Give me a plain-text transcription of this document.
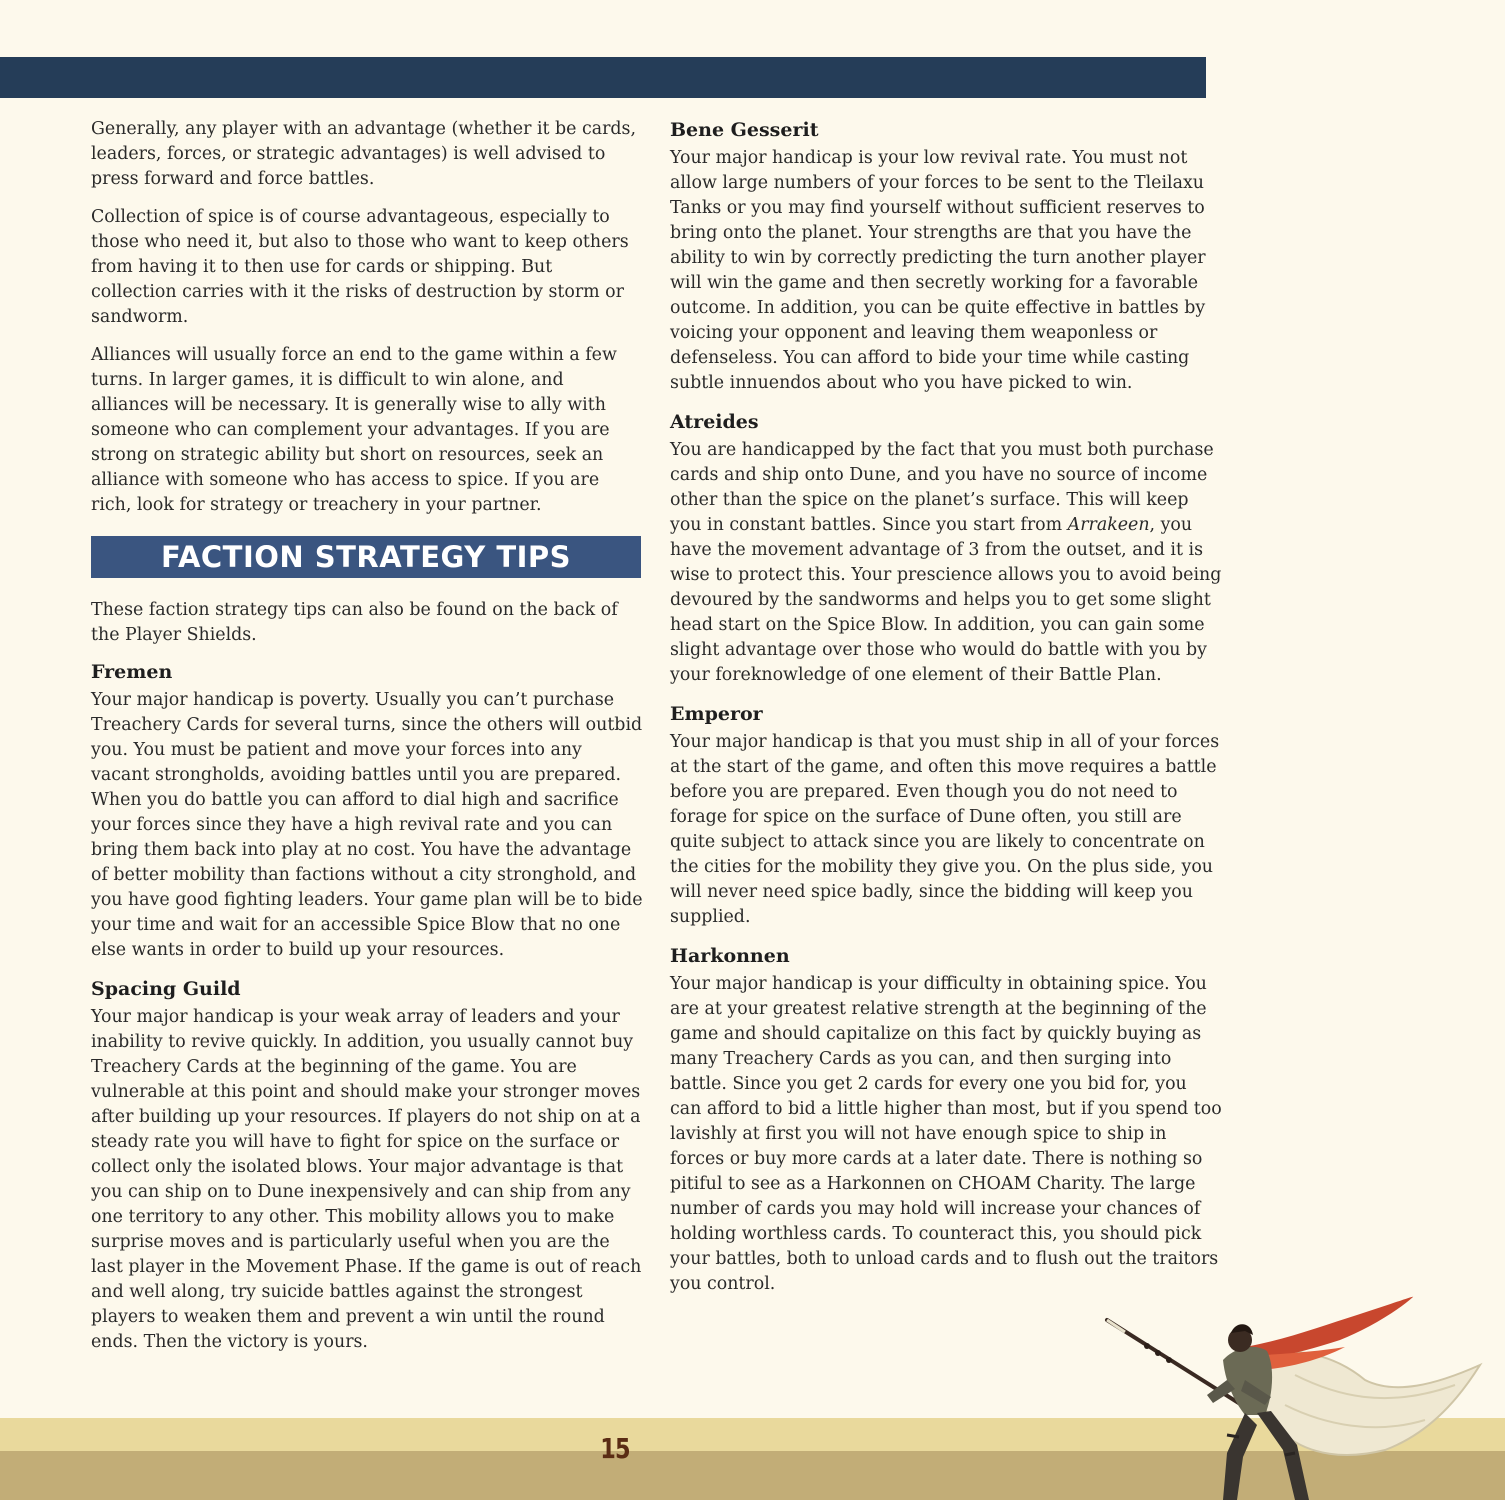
Generally, any player with an advantage (whether it be cards, leaders, forces, or strategic advantages) is well advised to press forward and force battles.

Collection of spice is of course advantageous, especially to those who need it, but also to those who want to keep others from having it to then use for cards or shipping. But collection carries with it the risks of destruction by storm or sandworm.

Alliances will usually force an end to the game within a few turns. In larger games, it is difficult to win alone, and alliances will be necessary. It is generally wise to ally with someone who can complement your advantages. If you are strong on strategic ability but short on resources, seek an alliance with someone who has access to spice. If you are rich, look for strategy or treachery in your partner.

FACTION STRATEGY TIPS

These faction strategy tips can also be found on the back of the Player Shields.

Fremen

Your major handicap is poverty. Usually you can’t purchase Treachery Cards for several turns, since the others will outbid you. You must be patient and move your forces into any vacant strongholds, avoiding battles until you are prepared. When you do battle you can afford to dial high and sacrifice your forces since they have a high revival rate and you can bring them back into play at no cost. You have the advantage of better mobility than factions without a city stronghold, and you have good fighting leaders. Your game plan will be to bide your time and wait for an accessible Spice Blow that no one else wants in order to build up your resources.

Spacing Guild

Your major handicap is your weak array of leaders and your inability to revive quickly. In addition, you usually cannot buy Treachery Cards at the beginning of the game. You are vulnerable at this point and should make your stronger moves after building up your resources. If players do not ship on at a steady rate you will have to fight for spice on the surface or collect only the isolated blows. Your major advantage is that you can ship on to Dune inexpensively and can ship from any one territory to any other. This mobility allows you to make surprise moves and is particularly useful when you are the last player in the Movement Phase. If the game is out of reach and well along, try suicide battles against the strongest players to weaken them and prevent a win until the round ends. Then the victory is yours.

Bene Gesserit

Your major handicap is your low revival rate. You must not allow large numbers of your forces to be sent to the Tleilaxu Tanks or you may find yourself without sufficient reserves to bring onto the planet. Your strengths are that you have the ability to win by correctly predicting the turn another player will win the game and then secretly working for a favorable outcome. In addition, you can be quite effective in battles by voicing your opponent and leaving them weaponless or defenseless. You can afford to bide your time while casting subtle innuendos about who you have picked to win.

Atreides

You are handicapped by the fact that you must both purchase cards and ship onto Dune, and you have no source of income other than the spice on the planet’s surface. This will keep you in constant battles. Since you start from Arrakeen, you have the movement advantage of 3 from the outset, and it is wise to protect this. Your prescience allows you to avoid being devoured by the sandworms and helps you to get some slight head start on the Spice Blow. In addition, you can gain some slight advantage over those who would do battle with you by your foreknowledge of one element of their Battle Plan.

Emperor

Your major handicap is that you must ship in all of your forces at the start of the game, and often this move requires a battle before you are prepared. Even though you do not need to forage for spice on the surface of Dune often, you still are quite subject to attack since you are likely to concentrate on the cities for the mobility they give you. On the plus side, you will never need spice badly, since the bidding will keep you supplied.

Harkonnen

Your major handicap is your difficulty in obtaining spice. You are at your greatest relative strength at the beginning of the game and should capitalize on this fact by quickly buying as many Treachery Cards as you can, and then surging into battle. Since you get 2 cards for every one you bid for, you can afford to bid a little higher than most, but if you spend too lavishly at first you will not have enough spice to ship in forces or buy more cards at a later date. There is nothing so pitiful to see as a Harkonnen on CHOAM Charity. The large number of cards you may hold will increase your chances of holding worthless cards. To counteract this, you should pick your battles, both to unload cards and to flush out the traitors you control.

15
